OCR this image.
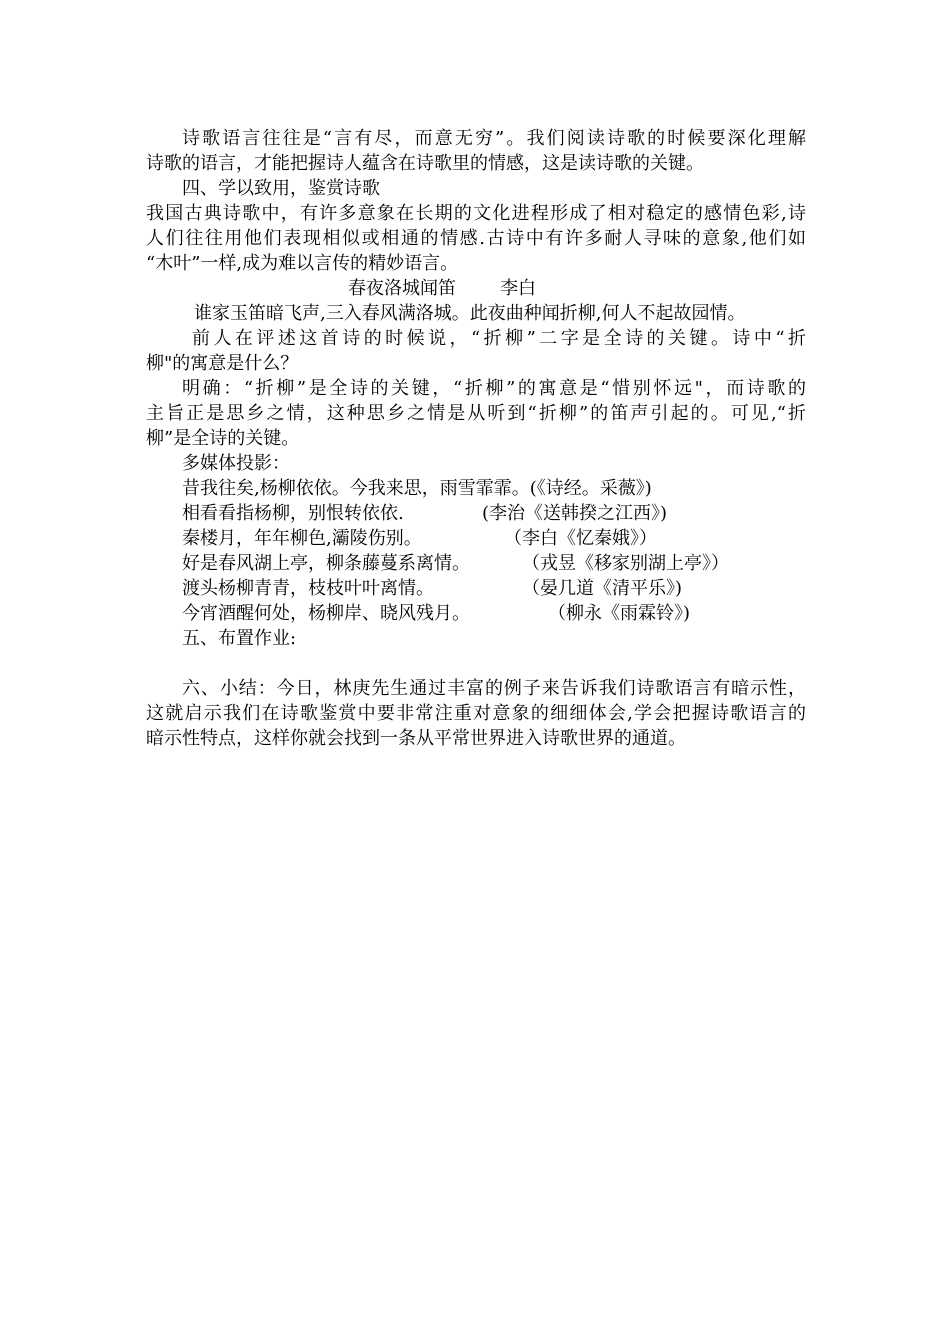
诗歌语言往往是“言有尽，而意无穷”。我们阅读诗歌的时候要深化理解

诗歌的语言，才能把握诗人蕴含在诗歌里的情感，这是读诗歌的关键。

四、学以致用，鉴赏诗歌

我国古典诗歌中，有许多意象在长期的文化进程形成了相对稳定的感情色彩,诗

人们往往用他们表现相似或相通的情感.古诗中有许多耐人寻味的意象,他们如

“木叶”一样,成为难以言传的精妙语言。

春夜洛城闻笛 李白

谁家玉笛暗飞声,三入春风满洛城。此夜曲种闻折柳,何人不起故园情。

前人在评述这首诗的时候说，“折柳”二字是全诗的关键。诗中“折

柳"的寓意是什么？

明确：“折柳”是全诗的关键，“折柳”的寓意是“惜别怀远"，而诗歌的

主旨正是思乡之情，这种思乡之情是从听到“折柳”的笛声引起的。可见,“折

柳”是全诗的关键。

多媒体投影：

昔我往矣,杨柳依依。今我来思，雨雪霏霏。 (《诗经。采薇》)
相看看指杨柳，别恨转依依.	(李治《送韩揆之江西》)
秦楼月，年年柳色,灞陵伤别。	（李白《忆秦娥》）
好是春风湖上亭，柳条藤蔓系离情。	（戎昱《移家别湖上亭》）
渡头杨柳青青，枝枝叶叶离情。	（晏几道《清平乐》)
今宵酒醒何处，杨柳岸、晓风残月。	（柳永《雨霖铃》)

五、布置作业:

六、小结：今日，林庚先生通过丰富的例子来告诉我们诗歌语言有暗示性，

这就启示我们在诗歌鉴赏中要非常注重对意象的细细体会,学会把握诗歌语言的

暗示性特点，这样你就会找到一条从平常世界进入诗歌世界的通道。
